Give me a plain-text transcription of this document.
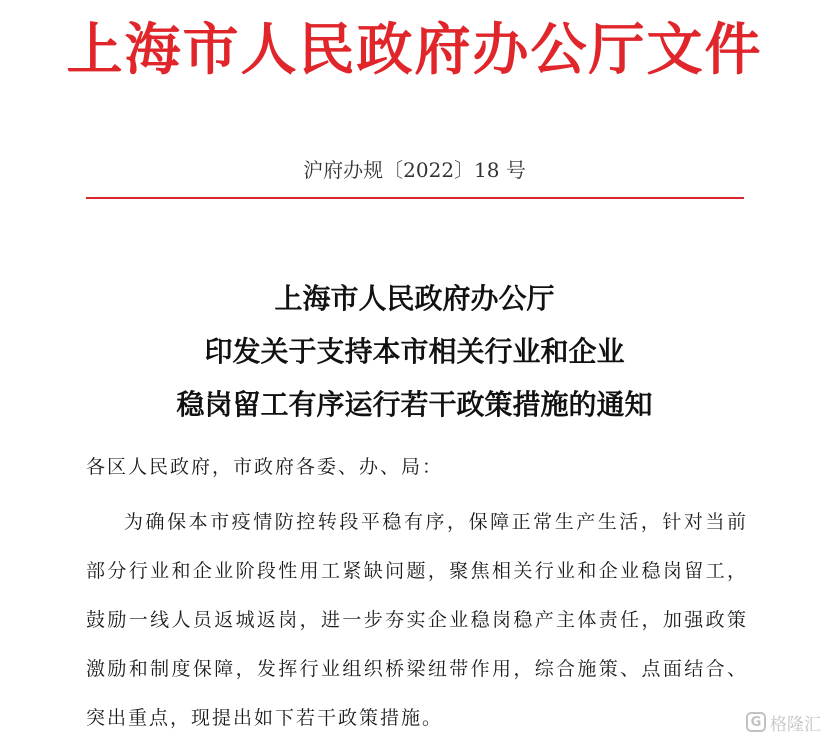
上海市人民政府办公厅文件
沪府办规〔2022〕18 号
上海市人民政府办公厅
印发关于支持本市相关行业和企业
稳岗留工有序运行若干政策措施的通知
各区人民政府，市政府各委、办、局：
为确保本市疫情防控转段平稳有序，保障正常生产生活，针对当前部分行业和企业阶段性用工紧缺问题，聚焦相关行业和企业稳岗留工，鼓励一线人员返城返岗，进一步夯实企业稳岗稳产主体责任，加强政策激励和制度保障，发挥行业组织桥梁纽带作用，综合施策、点面结合、突出重点，现提出如下若干政策措施。	G 格隆汇
